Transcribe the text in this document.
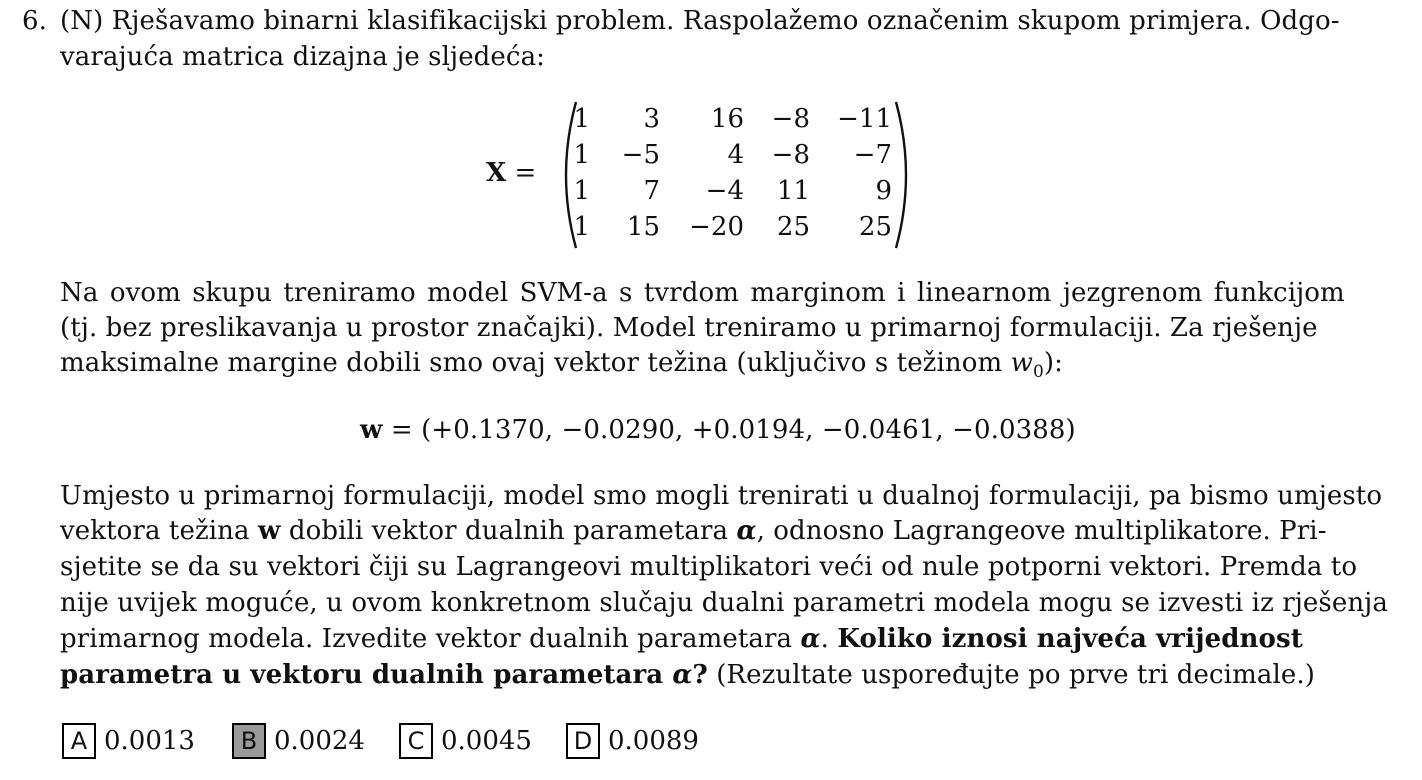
6. (N) Rješavamo binarni klasifikacijski problem. Raspolažemo označenim skupom primjera. Odgo-
varajuća matrica dizajna je sljedeća:
X =
1	3	16	−8 −11
1	−5	4	−8	−7
1	7	−4	11	9
1	15 −20	25	25
Na ovom skupu treniramo model SVM-a s tvrdom marginom i linearnom jezgrenom funkcijom
(tj. bez preslikavanja u prostor značajki). Model treniramo u primarnoj formulaciji. Za rješenje
maksimalne margine dobili smo ovaj vektor težina (uključivo s težinom $w_0$):
w = (+0.1370, −0.0290, +0.0194, −0.0461, −0.0388)
Umjesto u primarnoj formulaciji, model smo mogli trenirati u dualnoj formulaciji, pa bismo umjesto
vektora težina w dobili vektor dualnih parametara α, odnosno Lagrangeove multiplikatore. Pri-
sjetite se da su vektori čiji su Lagrangeovi multiplikatori veći od nule potporni vektori. Premda to
nije uvijek moguće, u ovom konkretnom slučaju dualni parametri modela mogu se izvesti iz rješenja
primarnog modela. Izvedite vektor dualnih parametara α. Koliko iznosi najveća vrijednost
parametra u vektoru dualnih parametara α? (Rezultate uspoređujte po prve tri decimale.)
A 0.0013	B 0.0024	C 0.0045	D 0.0089
